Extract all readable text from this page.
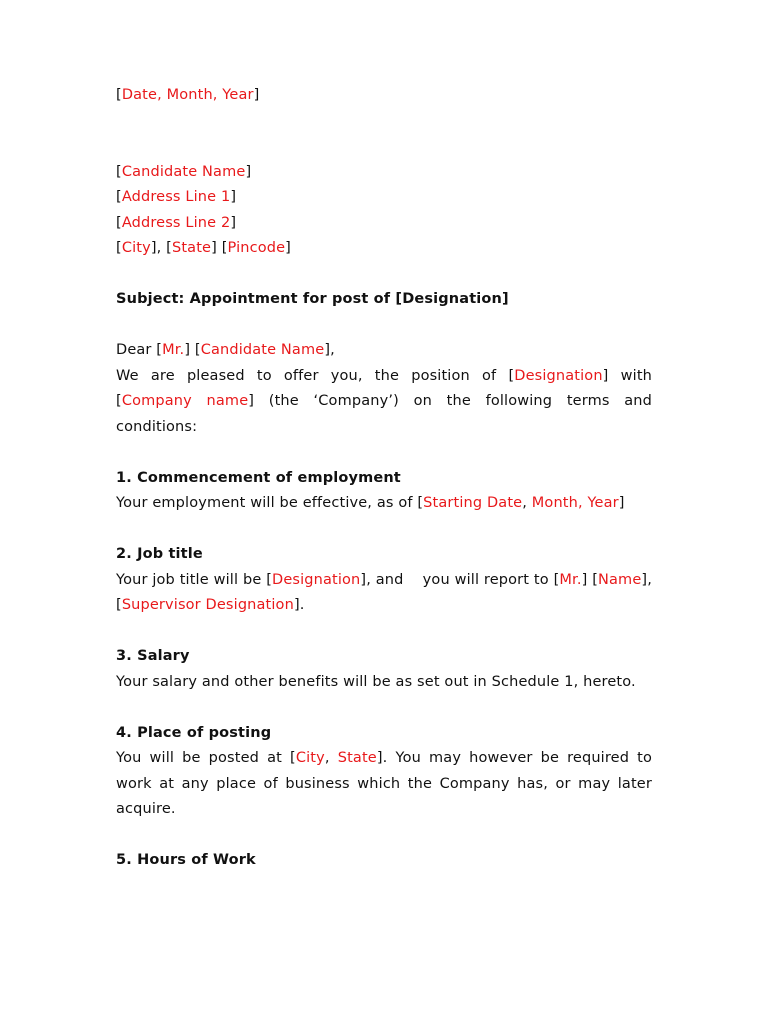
[Date, Month, Year]

[Candidate Name]

[Address Line 1]

[Address Line 2]

[City], [State] [Pincode]

Subject: Appointment for post of [Designation]

Dear [Mr.] [Candidate Name],

We are pleased to offer you, the position of [Designation] with [Company name] (the ‘Company’) on the following terms and conditions:

1. Commencement of employment

Your employment will be effective, as of [Starting Date, Month, Year]

2. Job title

Your job title will be [Designation], and    you will report to [Mr.] [Name], [Supervisor Designation].

3. Salary

Your salary and other benefits will be as set out in Schedule 1, hereto.

4. Place of posting

You will be posted at [City, State]. You may however be required to work at any place of business which the Company has, or may later acquire.

5. Hours of Work
